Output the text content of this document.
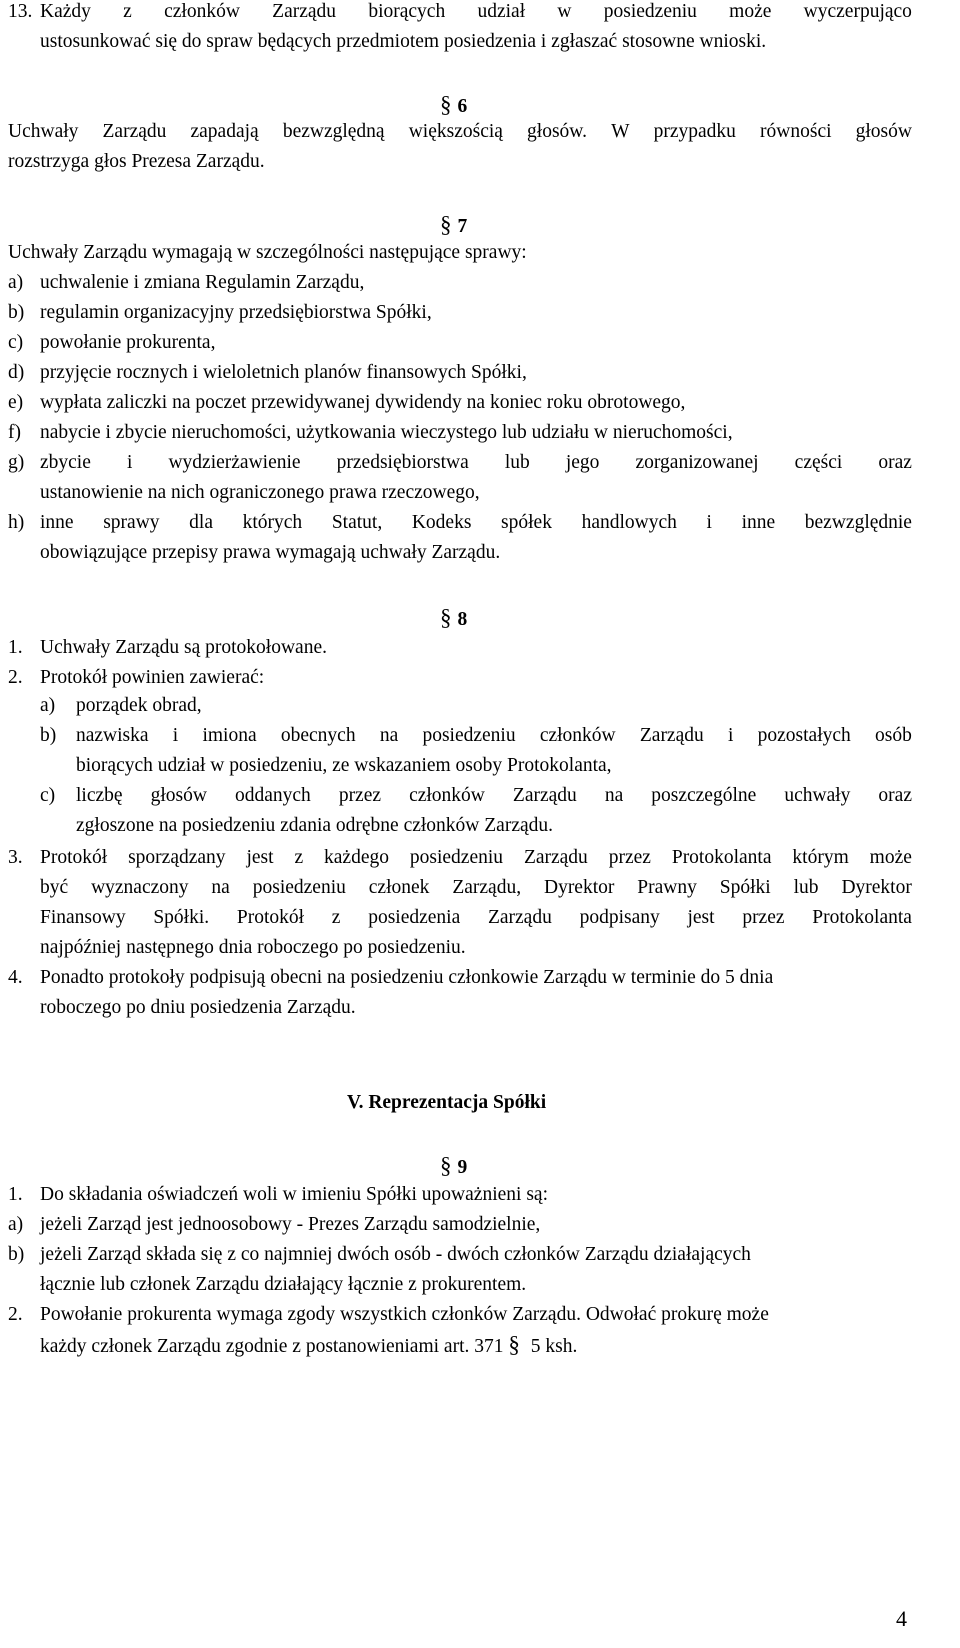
13. Każdy z członków Zarządu biorących udział w posiedzeniu może wyczerpująco
ustosunkować się do spraw będących przedmiotem posiedzenia i zgłaszać stosowne wnioski.
§ 6
Uchwały Zarządu zapadają bezwzględną większością głosów. W przypadku równości głosów
rozstrzyga głos Prezesa Zarządu.
§ 7
Uchwały Zarządu wymagają w szczególności następujące sprawy:
a) uchwalenie i zmiana Regulamin Zarządu,
b) regulamin organizacyjny przedsiębiorstwa Spółki,
c) powołanie prokurenta,
d) przyjęcie rocznych i wieloletnich planów finansowych Spółki,
e) wypłata zaliczki na poczet przewidywanej dywidendy na koniec roku obrotowego,
f) nabycie i zbycie nieruchomości, użytkowania wieczystego lub udziału w nieruchomości,
g) zbycie i wydzierżawienie przedsiębiorstwa lub jego zorganizowanej części oraz
ustanowienie na nich ograniczonego prawa rzeczowego,
h) inne sprawy dla których Statut, Kodeks spółek handlowych i inne bezwzględnie
obowiązujące przepisy prawa wymagają uchwały Zarządu.
§ 8
1. Uchwały Zarządu są protokołowane.
2. Protokół powinien zawierać:
a) porządek obrad,
b) nazwiska i imiona obecnych na posiedzeniu członków Zarządu i pozostałych osób
biorących udział w posiedzeniu, ze wskazaniem osoby Protokolanta,
c) liczbę głosów oddanych przez członków Zarządu na poszczególne uchwały oraz
zgłoszone na posiedzeniu zdania odrębne członków Zarządu.
3. Protokół sporządzany jest z każdego posiedzeniu Zarządu przez Protokolanta którym może
być wyznaczony na posiedzeniu członek Zarządu, Dyrektor Prawny Spółki lub Dyrektor
Finansowy Spółki. Protokół z posiedzenia Zarządu podpisany jest przez Protokolanta
najpóźniej następnego dnia roboczego po posiedzeniu.
4. Ponadto protokoły podpisują obecni na posiedzeniu członkowie Zarządu w terminie do 5 dnia
roboczego po dniu posiedzenia Zarządu.
V. Reprezentacja Spółki
§ 9
1. Do składania oświadczeń woli w imieniu Spółki upoważnieni są:
a) jeżeli Zarząd jest jednoosobowy - Prezes Zarządu samodzielnie,
b) jeżeli Zarząd składa się z co najmniej dwóch osób - dwóch członków Zarządu działających
łącznie lub członek Zarządu działający łącznie z prokurentem.
2. Powołanie prokurenta wymaga zgody wszystkich członków Zarządu. Odwołać prokurę może
każdy członek Zarządu zgodnie z postanowieniami art. 371 § 5 ksh.
4
